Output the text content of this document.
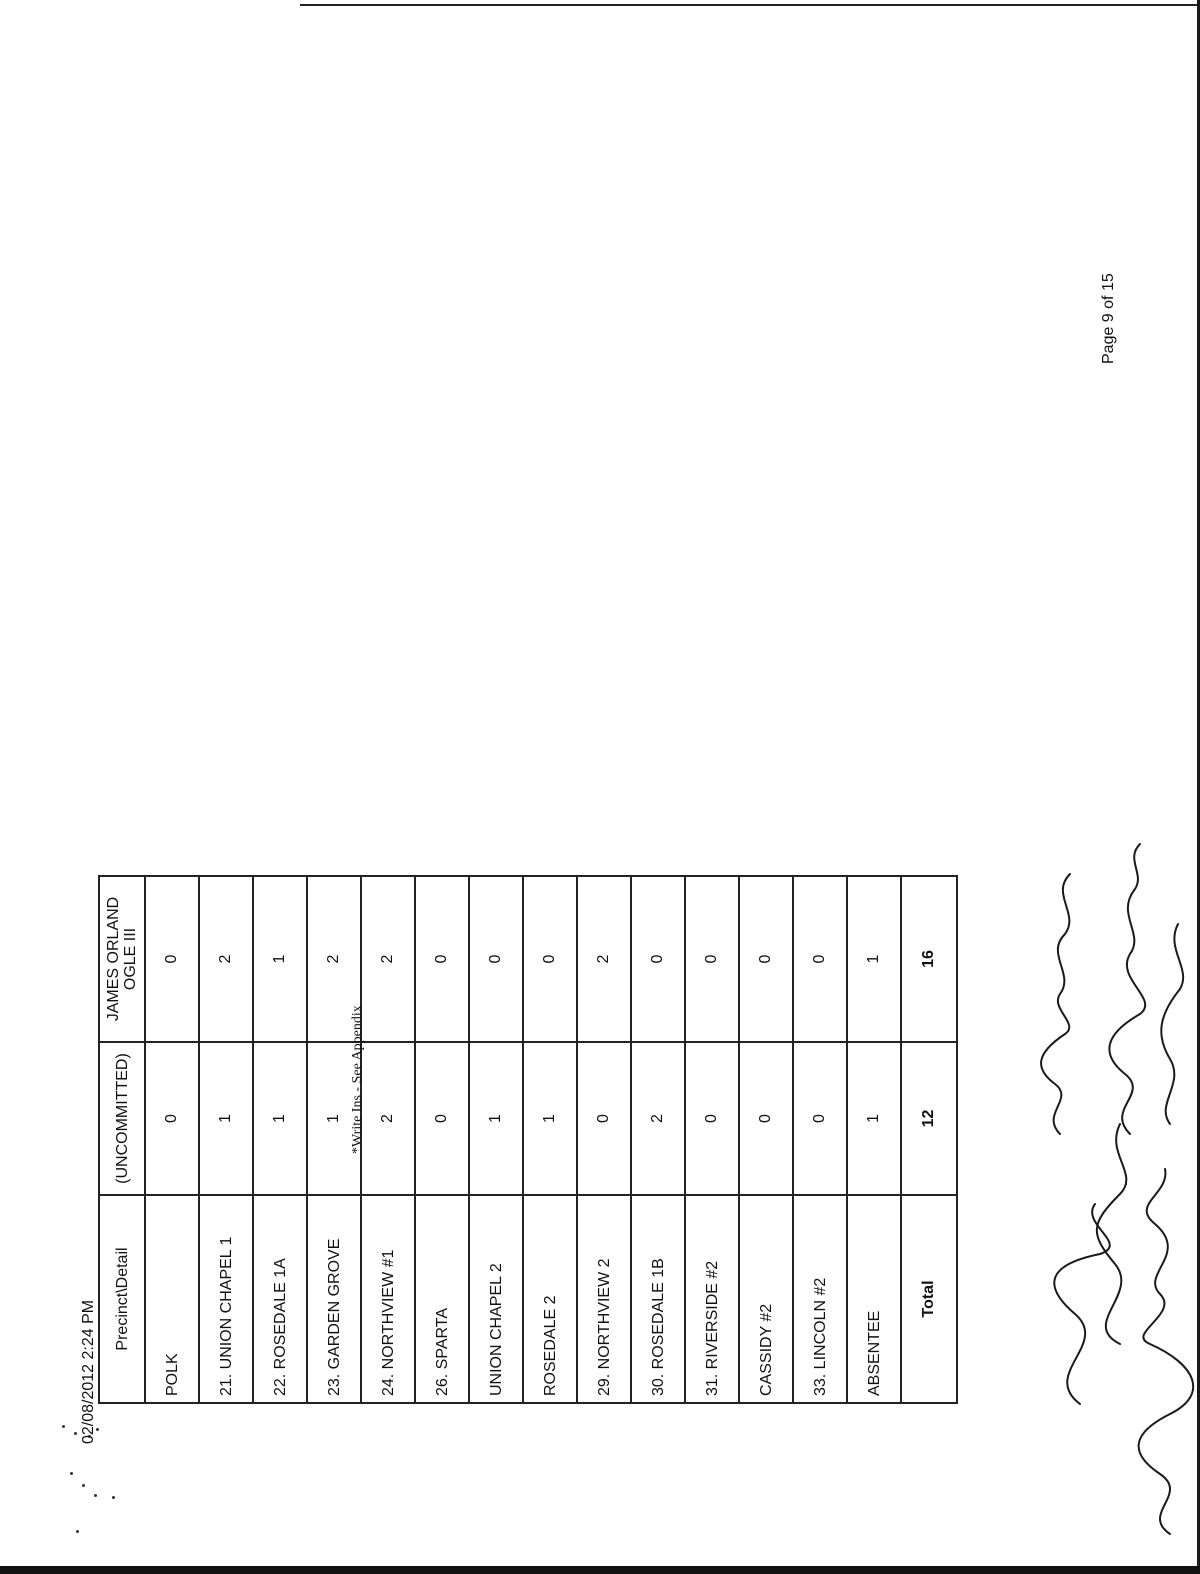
Precinct\Detail	(UNCOMMITTED)	JAMES ORLAND OGLE III

POLK	0	0
21. UNION CHAPEL 1	1	2
22. ROSEDALE 1A	1	1
23. GARDEN GROVE	1	2
24. NORTHVIEW #1	2	2
26. SPARTA	0	0
UNION CHAPEL 2	1	0
ROSEDALE 2	1	0
29. NORTHVIEW 2	0	2
30. ROSEDALE 1B	2	0
31. RIVERSIDE #2	0	0
CASSIDY #2	0	0
33. LINCOLN #2	0	0
ABSENTEE	1	1
Total	12	16
02/08/2012 2:24 PM
*Write Ins - See Appendix
Page 9 of 15
